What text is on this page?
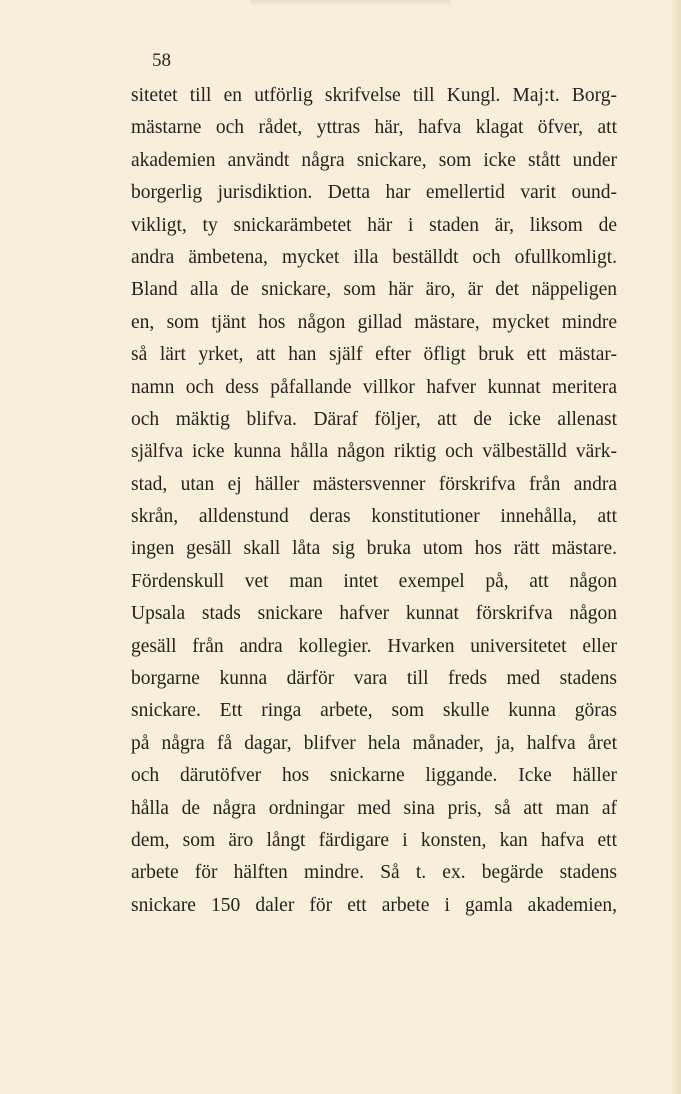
58
sitetet till en utförlig skrifvelse till Kungl. Maj:t. Borg-
mästarne och rådet, yttras här, hafva klagat öfver, att
akademien användt några snickare, som icke stått under
borgerlig jurisdiktion. Detta har emellertid varit ound-
vikligt, ty snickarämbetet här i staden är, liksom de
andra ämbetena, mycket illa beställdt och ofullkomligt.
Bland alla de snickare, som här äro, är det näppeligen
en, som tjänt hos någon gillad mästare, mycket mindre
så lärt yrket, att han själf efter öfligt bruk ett mästar-
namn och dess påfallande villkor hafver kunnat meritera
och mäktig blifva. Däraf följer, att de icke allenast
själfva icke kunna hålla någon riktig och välbeställd värk-
stad, utan ej häller mästersvenner förskrifva från andra
skrån, alldenstund deras konstitutioner innehålla, att
ingen gesäll skall låta sig bruka utom hos rätt mästare.
Fördenskull vet man intet exempel på, att någon
Upsala stads snickare hafver kunnat förskrifva någon
gesäll från andra kollegier. Hvarken universitetet eller
borgarne kunna därför vara till freds med stadens
snickare. Ett ringa arbete, som skulle kunna göras
på några få dagar, blifver hela månader, ja, halfva året
och därutöfver hos snickarne liggande. Icke häller
hålla de några ordningar med sina pris, så att man af
dem, som äro långt färdigare i konsten, kan hafva ett
arbete för hälften mindre. Så t. ex. begärde stadens
snickare 150 daler för ett arbete i gamla akademien,
